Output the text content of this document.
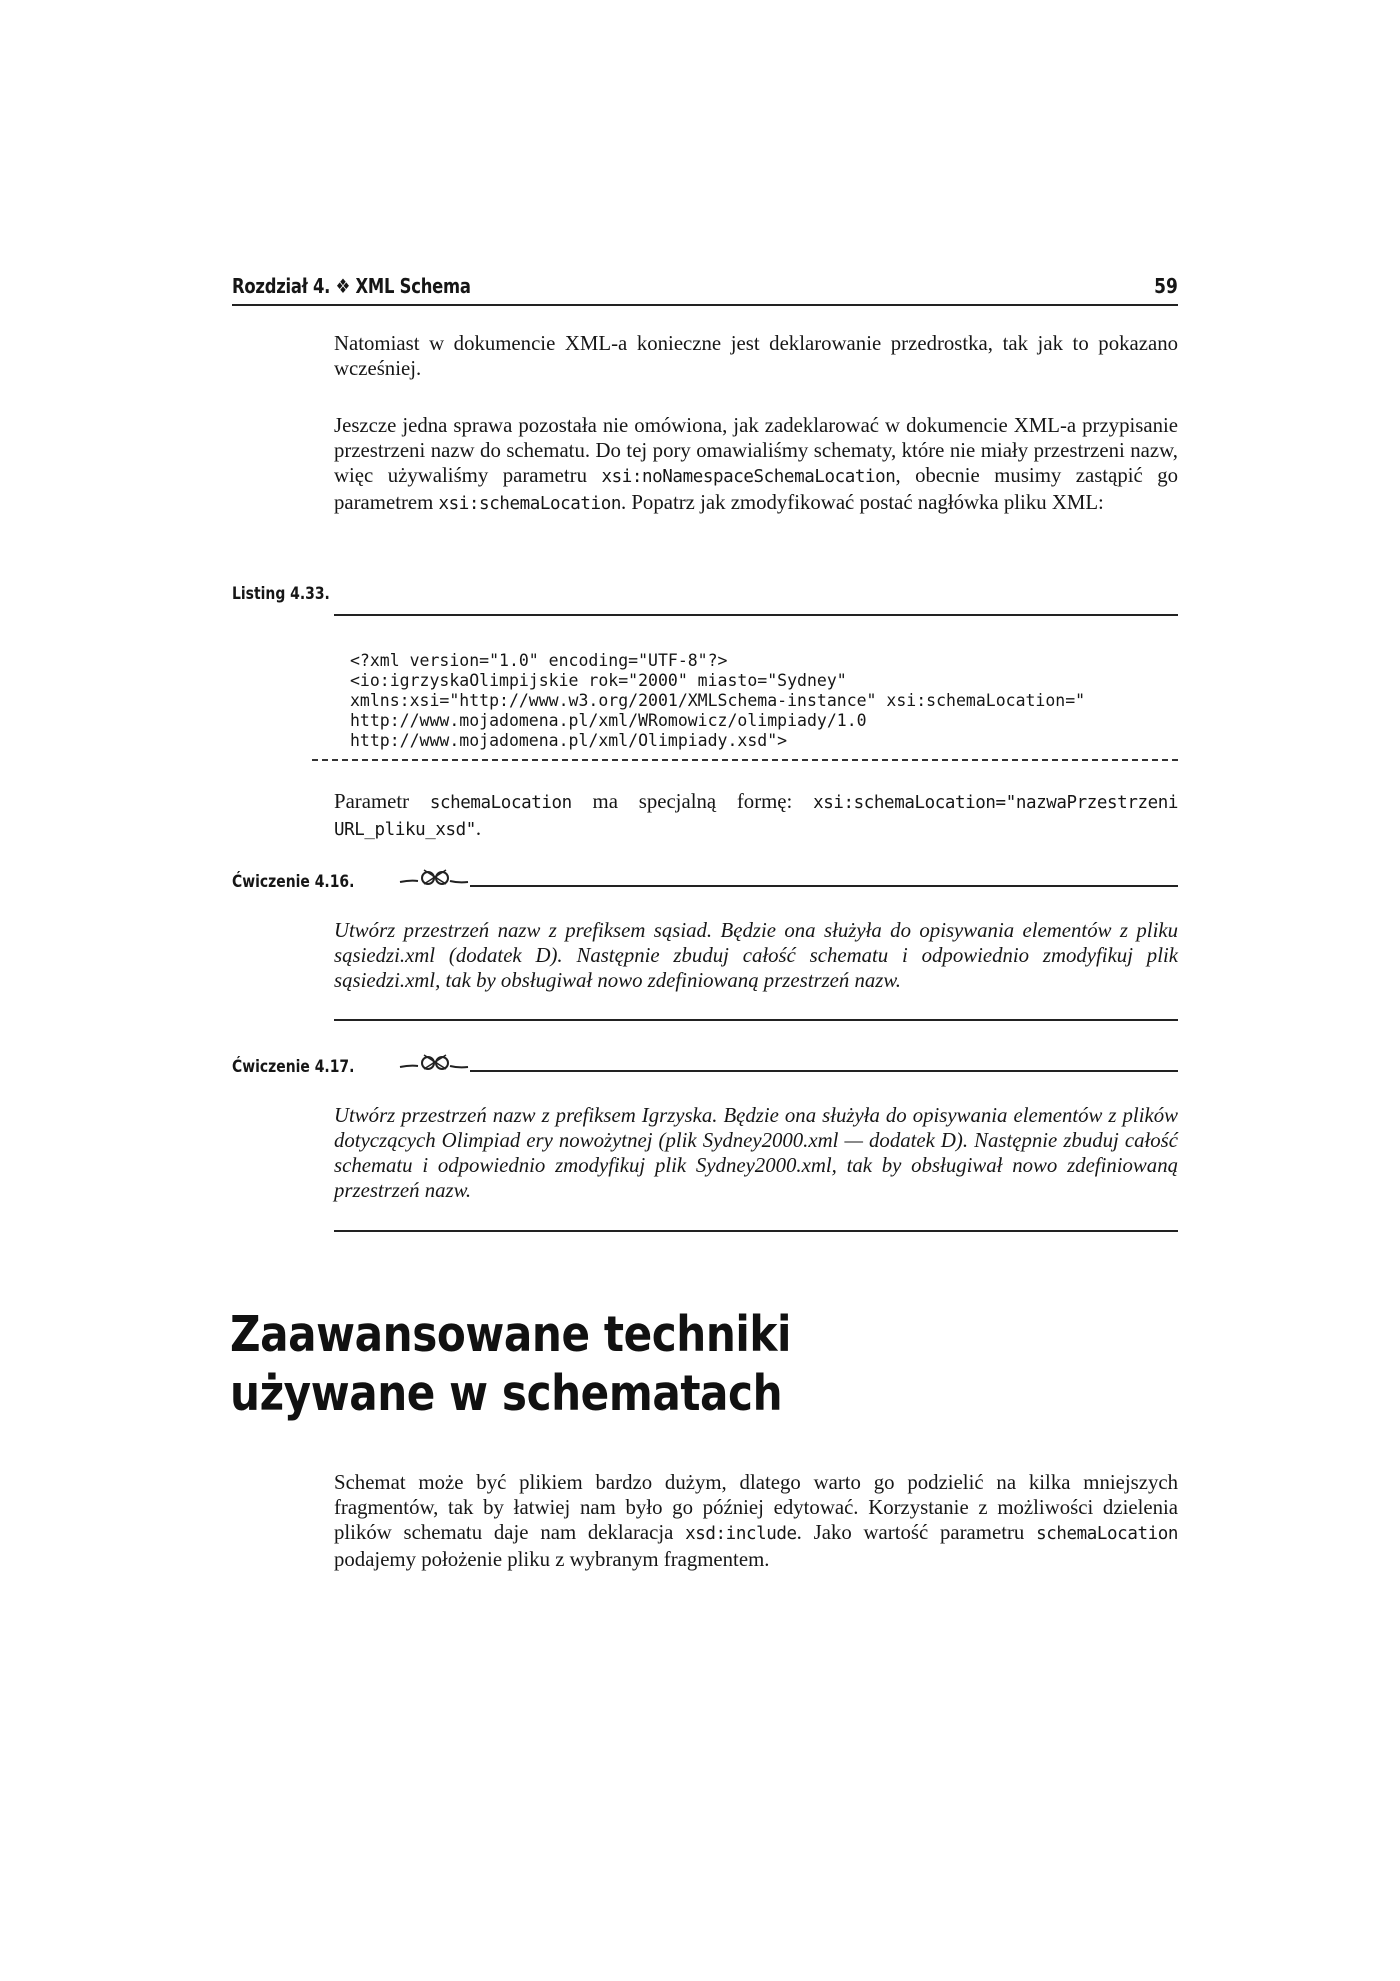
Rozdział 4. ❖ XML Schema	59

Natomiast w dokumencie XML-a konieczne jest deklarowanie przedrostka, tak jak to pokazano wcześniej.

Jeszcze jedna sprawa pozostała nie omówiona, jak zadeklarować w dokumencie XML-a przypisanie przestrzeni nazw do schematu. Do tej pory omawialiśmy schematy, które nie miały przestrzeni nazw, więc używaliśmy parametru xsi:noNamespaceSchemaLocation, obecnie musimy zastąpić go parametrem xsi:schemaLocation. Popatrz jak zmodyfikować postać nagłówka pliku XML:

Listing 4.33.
<?xml version="1.0" encoding="UTF-8"?>
<io:igrzyskaOlimpijskie rok="2000" miasto="Sydney"
xmlns:xsi="http://www.w3.org/2001/XMLSchema-instance" xsi:schemaLocation="
http://www.mojadomena.pl/xml/WRomowicz/olimpiady/1.0
http://www.mojadomena.pl/xml/Olimpiady.xsd">

Parametr schemaLocation ma specjalną formę: xsi:schemaLocation="nazwaPrzestrzeni URL_pliku_xsd".

Ćwiczenie 4.16.

Utwórz przestrzeń nazw z prefiksem sąsiad. Będzie ona służyła do opisywania elementów z pliku sąsiedzi.xml (dodatek D). Następnie zbuduj całość schematu i odpowiednio zmodyfikuj plik sąsiedzi.xml, tak by obsługiwał nowo zdefiniowaną przestrzeń nazw.

Ćwiczenie 4.17.

Utwórz przestrzeń nazw z prefiksem Igrzyska. Będzie ona służyła do opisywania elementów z plików dotyczących Olimpiad ery nowożytnej (plik Sydney2000.xml — dodatek D). Następnie zbuduj całość schematu i odpowiednio zmodyfikuj plik Sydney2000.xml, tak by obsługiwał nowo zdefiniowaną przestrzeń nazw.

Zaawansowane techniki
używane w schematach

Schemat może być plikiem bardzo dużym, dlatego warto go podzielić na kilka mniejszych fragmentów, tak by łatwiej nam było go później edytować. Korzystanie z możliwości dzielenia plików schematu daje nam deklaracja xsd:include. Jako wartość parametru schemaLocation podajemy położenie pliku z wybranym fragmentem.
